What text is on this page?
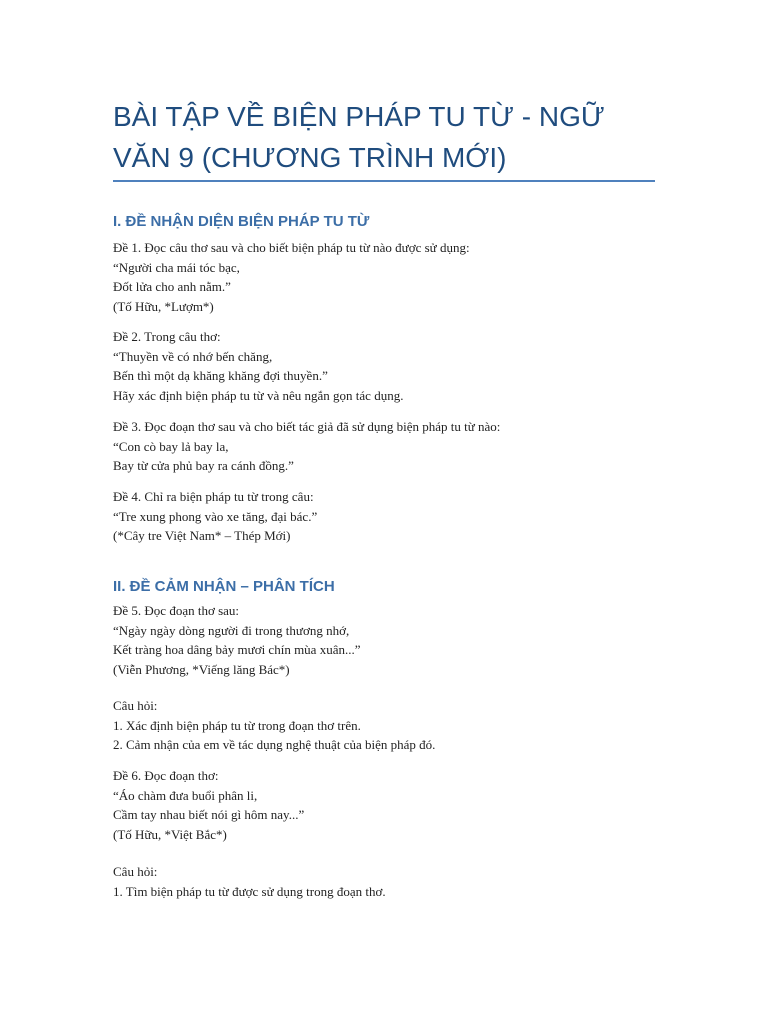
BÀI TẬP VỀ BIỆN PHÁP TU TỪ - NGỮ VĂN 9 (CHƯƠNG TRÌNH MỚI)
I. ĐỀ NHẬN DIỆN BIỆN PHÁP TU TỪ
Đề 1. Đọc câu thơ sau và cho biết biện pháp tu từ nào được sử dụng:
“Người cha mái tóc bạc,
Đốt lửa cho anh nằm.”
(Tố Hữu, *Lượm*)
Đề 2. Trong câu thơ:
“Thuyền về có nhớ bến chăng,
Bến thì một dạ khăng khăng đợi thuyền.”
Hãy xác định biện pháp tu từ và nêu ngắn gọn tác dụng.
Đề 3. Đọc đoạn thơ sau và cho biết tác giả đã sử dụng biện pháp tu từ nào:
“Con cò bay lả bay la,
Bay từ cửa phủ bay ra cánh đồng.”
Đề 4. Chỉ ra biện pháp tu từ trong câu:
“Tre xung phong vào xe tăng, đại bác.”
(*Cây tre Việt Nam* – Thép Mới)
II. ĐỀ CẢM NHẬN – PHÂN TÍCH
Đề 5. Đọc đoạn thơ sau:
“Ngày ngày dòng người đi trong thương nhớ,
Kết tràng hoa dâng bảy mươi chín mùa xuân...”
(Viễn Phương, *Viếng lăng Bác*)
Câu hỏi:
1. Xác định biện pháp tu từ trong đoạn thơ trên.
2. Cảm nhận của em về tác dụng nghệ thuật của biện pháp đó.
Đề 6. Đọc đoạn thơ:
“Áo chàm đưa buổi phân li,
Cầm tay nhau biết nói gì hôm nay...”
(Tố Hữu, *Việt Bắc*)
Câu hỏi:
1. Tìm biện pháp tu từ được sử dụng trong đoạn thơ.
